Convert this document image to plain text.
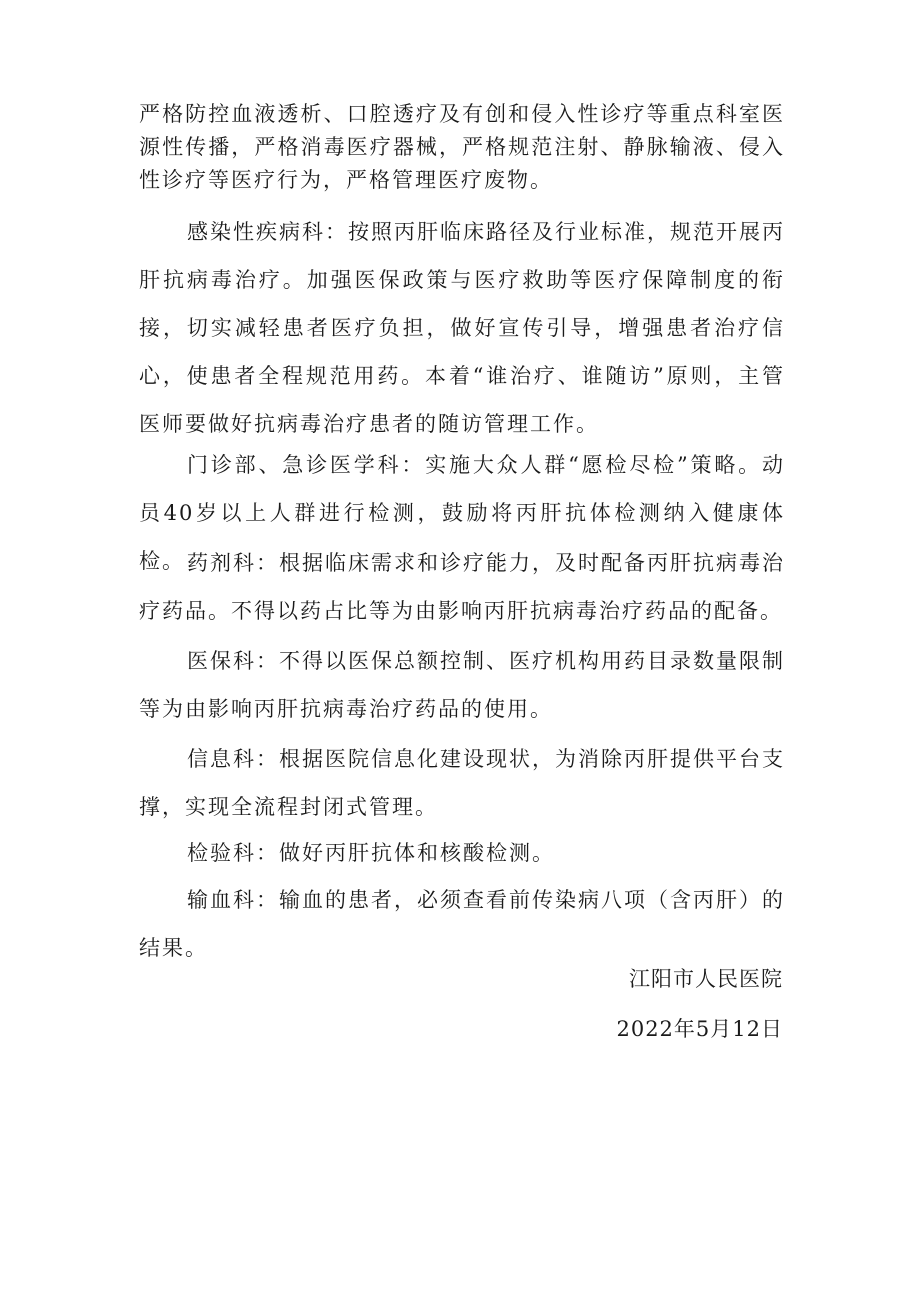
严格防控血液透析、口腔透疗及有创和侵入性诊疗等重点科室医源性传播，严格消毒医疗器械，严格规范注射、静脉输液、侵入性诊疗等医疗行为，严格管理医疗废物。

感染性疾病科：按照丙肝临床路径及行业标准，规范开展丙肝抗病毒治疗。加强医保政策与医疗救助等医疗保障制度的衔接，切实减轻患者医疗负担，做好宣传引导，增强患者治疗信心，使患者全程规范用药。本着“谁治疗、谁随访”原则，主管医师要做好抗病毒治疗患者的随访管理工作。

门诊部、急诊医学科：实施大众人群“愿检尽检”策略。动员40岁以上人群进行检测，鼓励将丙肝抗体检测纳入健康体检。 药剂科：根据临床需求和诊疗能力，及时配备丙肝抗病毒治疗药品。不得以药占比等为由影响丙肝抗病毒治疗药品的配备。

医保科：不得以医保总额控制、医疗机构用药目录数量限制等为由影响丙肝抗病毒治疗药品的使用。

信息科：根据医院信息化建设现状，为消除丙肝提供平台支撑，实现全流程封闭式管理。

检验科：做好丙肝抗体和核酸检测。

输血科：输血的患者，必须查看前传染病八项（含丙肝）的结果。

江阳市人民医院

2022年5月12日
